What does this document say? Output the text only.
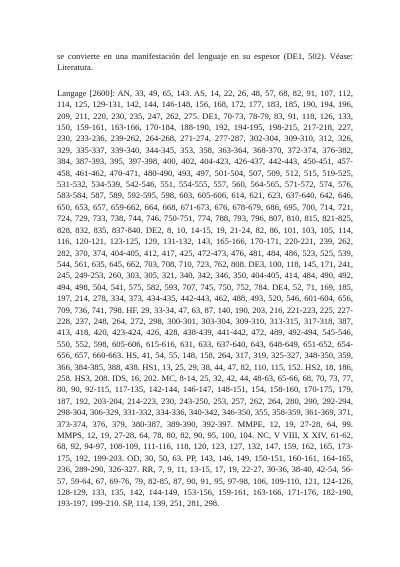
se convierte en una manifestación del lenguaje en su espesor (DE1, 502). Véase: Literatura.

Langage [2600]: AN, 33, 49, 65, 143. AS, 14, 22, 26, 48, 57, 68, 82, 91, 107, 112, 114, 125, 129-131, 142, 144, 146-148, 156, 168, 172, 177, 183, 185, 190, 194, 196, 209, 211, 220, 230, 235, 247, 262, 275. DE1, 70-73, 78-79, 83, 91, 118, 126, 133, 150, 159-161, 163-166, 170-184, 188-190, 192, 194-195, 198-215, 217-218, 227, 230, 233-236, 239-262, 264-268, 271-274, 277-287, 302-304, 309-310, 312, 326, 329, 335-337, 339-340, 344-345, 353, 358, 363-364, 368-370, 372-374, 376-382, 384, 387-393, 395, 397-398, 400, 402, 404-423, 426-437, 442-443, 450-451, 457-458, 461-462, 470-471, 480-490, 493, 497, 501-504, 507, 509, 512, 515, 519-525, 531-532, 534-539, 542-546, 551, 554-555, 557, 560, 564-565, 571-572, 574, 576, 583-584, 587, 589, 592-595, 598, 603, 605-606, 614, 621, 623, 637-640, 642, 646, 650, 653, 657, 659-662, 664, 668, 671-673, 676, 678-679, 686, 695, 700, 714, 721, 724, 729, 733, 738, 744, 746, 750-751, 774, 788, 793, 796, 807, 810, 815, 821-825, 828, 832, 835, 837-840. DE2, 8, 10, 14-15, 19, 21-24, 82, 86, 101, 103, 105, 114, 116, 120-121, 123-125, 129, 131-132, 143, 165-166, 170-171, 220-221, 239, 262, 282, 370, 374, 404-405, 412, 417, 425, 472-473, 476, 481, 484, 486, 523, 525, 539, 544, 561, 635, 645, 662, 703, 708, 710, 723, 762, 808. DE3, 100, 118, 145, 171, 241, 245, 249-253, 260, 303, 305, 321, 340, 342, 346, 350, 404-405, 414, 484, 490, 492, 494, 498, 504, 541, 575, 582, 593, 707, 745, 750, 752, 784. DE4, 52, 71, 169, 185, 197, 214, 278, 334, 373, 434-435, 442-443, 462, 488, 493, 520, 546, 601-604, 656, 709, 736, 741, 798. HF, 29, 33-34, 47, 63, 87, 140, 190, 203, 216, 221-223, 225, 227-228, 237, 248, 264, 272, 298, 300-301, 303-304, 309-310, 313-315, 317-318, 387, 413, 418, 420, 423-424, 426, 428, 438-439, 441-442, 472, 489, 492-494, 545-546, 550, 552, 598, 605-606, 615-616, 631, 633, 637-640, 643, 648-649, 651-652, 654-656, 657, 660-663. HS, 41, 54, 55, 148, 158, 264, 317, 319, 325-327, 348-350, 359, 366, 384-385, 388, 438. HS1, 13, 25, 29, 38, 44, 47, 82, 110, 115, 152. HS2, 18, 186, 258. HS3, 208. IDS, 16, 202. MC, 8-14, 25, 32, 42, 44, 48-63, 65-66, 68, 70, 73, 77, 80, 90, 92-115, 117-135, 142-144, 146-147, 148-151, 154, 158-160, 170-175, 179, 187, 192, 203-204, 214-223, 230, 243-250, 253, 257, 262, 264, 280, 290, 292-294, 298-304, 306-329, 331-332, 334-336, 340-342, 346-350, 355, 358-359, 361-369, 371, 373-374, 376, 379, 380-387, 389-390, 392-397. MMPE, 12, 19, 27-28, 64, 99. MMPS, 12, 19, 27-28, 64, 78, 80, 82, 90, 95, 100, 104. NC, V VIII, X XIV, 61-62, 68, 92, 94-97, 108-109, 111-116, 118, 120, 123, 127, 132, 147, 159, 162, 165, 173-175, 192, 199-203. OD, 30, 50, 63. PP, 143, 146, 149, 150-151, 160-161, 164-165, 236, 289-290, 326-327. RR, 7, 9, 11, 13-15, 17, 19, 22-27, 30-36, 38-40, 42-54, 56-57, 59-64, 67, 69-76, 79, 82-85, 87, 90, 91, 95, 97-98, 106, 109-110, 121, 124-126, 128-129, 133, 135, 142, 144-149, 153-156, 159-161, 163-166, 171-176, 182-190, 193-197, 199-210. SP, 114, 139, 251, 281, 298.
